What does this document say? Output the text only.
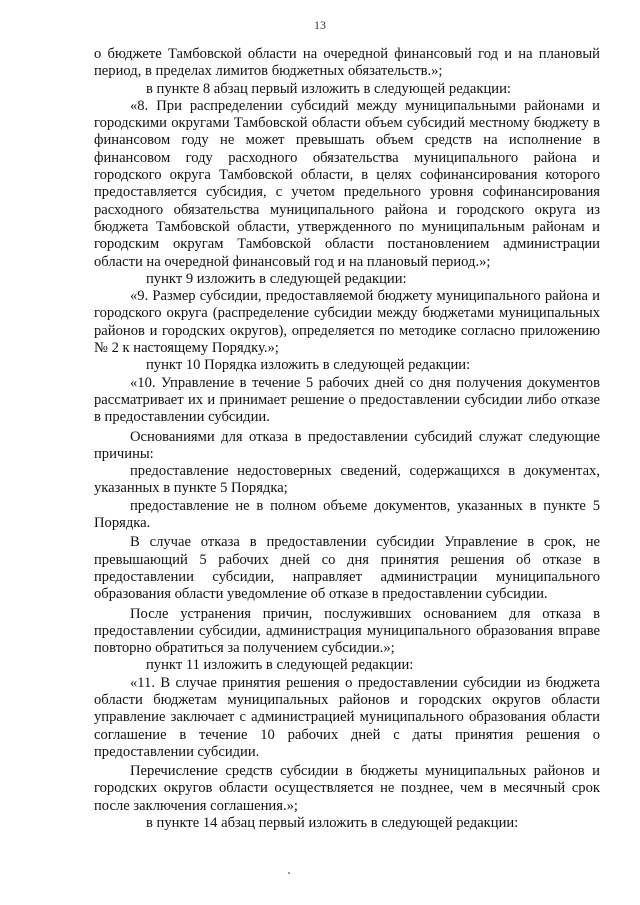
13

о бюджете Тамбовской области на очередной финансовый год и на плановый период, в пределах лимитов бюджетных обязательств.»;

в пункте 8 абзац первый изложить в следующей редакции:

«8. При распределении субсидий между муниципальными районами и городскими округами Тамбовской области объем субсидий местному бюджету в финансовом году не может превышать объем средств на исполнение в финансовом году расходного обязательства муниципального района и городского округа Тамбовской области, в целях софинансирования которого предоставляется субсидия, с учетом предельного уровня софинансирования расходного обязательства муниципального района и городского округа из бюджета Тамбовской области, утвержденного по муниципальным районам и городским округам Тамбовской области постановлением администрации области на очередной финансовый год и на плановый период.»;

пункт 9 изложить в следующей редакции:

«9. Размер субсидии, предоставляемой бюджету муниципального района и городского округа (распределение субсидии между бюджетами муниципальных районов и городских округов), определяется по методике согласно приложению № 2 к настоящему Порядку.»;

пункт 10 Порядка изложить в следующей редакции:

«10. Управление в течение 5 рабочих дней со дня получения документов рассматривает их и принимает решение о предоставлении субсидии либо отказе в предоставлении субсидии.

Основаниями для отказа в предоставлении субсидий служат следующие причины:

предоставление недостоверных сведений, содержащихся в документах, указанных в пункте 5 Порядка;

предоставление не в полном объеме документов, указанных в пункте 5 Порядка.

В случае отказа в предоставлении субсидии Управление в срок, не превышающий 5 рабочих дней со дня принятия решения об отказе в предоставлении субсидии, направляет администрации муниципального образования области уведомление об отказе в предоставлении субсидии.

После устранения причин, послуживших основанием для отказа в предоставлении субсидии, администрация муниципального образования вправе повторно обратиться за получением субсидии.»;

пункт 11 изложить в следующей редакции:

«11. В случае принятия решения о предоставлении субсидии из бюджета области бюджетам муниципальных районов и городских округов области управление заключает с администрацией муниципального образования области соглашение в течение 10 рабочих дней с даты принятия решения о предоставлении субсидии.

Перечисление средств субсидии в бюджеты муниципальных районов и городских округов области осуществляется не позднее, чем в месячный срок после заключения соглашения.»;

в пункте 14 абзац первый изложить в следующей редакции:
